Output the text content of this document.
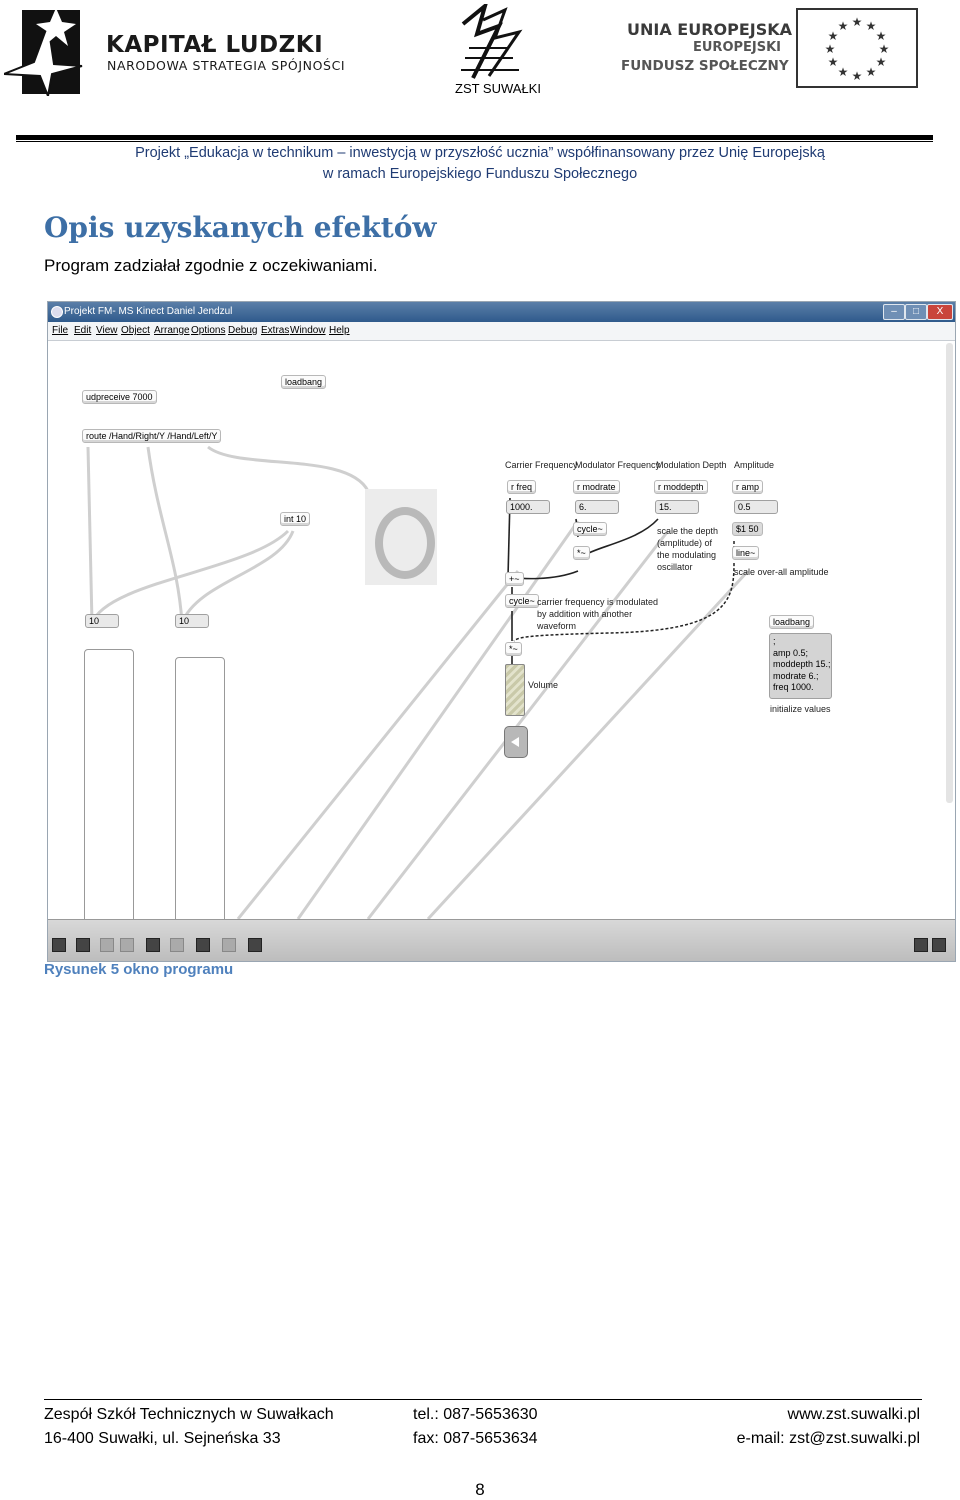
KAPITAŁ LUDZKI
NARODOWA STRATEGIA SPÓJNOŚCI
ZST SUWAŁKI
UNIA EUROPEJSKA
EUROPEJSKI
FUNDUSZ SPOŁECZNY
★ ★
★
★
★
★
★
★
★
★
★
★
Projekt „Edukacja w technikum – inwestycją w przyszłość ucznia” współfinansowany przez Unię Europejską
w ramach Europejskiego Funduszu Społecznego
Opis uzyskanych efektów
Program zadziałał zgodnie z oczekiwaniami.
Projekt FM- MS Kinect Daniel Jendzul	–	□	X
File Edit View Object Arrange Options Debug Extras Window Help
loadbang
udpreceive 7000
route /Hand/Right/Y /Hand/Left/Y
int 10
10	10
Carrier Frequency
Modulator Frequency
Modulation Depth Amplitude
r freq	r modrate	r moddepth	r amp
1000.	6.	15.	0.5
$1 50
line~
scale over-all amplitude
cycle~
*~
scale the depth (amplitude) of the modulating oscillator
+~
cycle~ carrier frequency is modulated by addition with another waveform
*~
Volume
loadbang
;
amp 0.5;
moddepth 15.;
modrate 6.;
freq 1000.
initialize values
Rysunek 5 okno programu
Zespół Szkół Technicznych w Suwałkach
16-400 Suwałki, ul. Sejneńska 33
tel.: 087-5653630
fax: 087-5653634
www.zst.suwalki.pl
e-mail: zst@zst.suwalki.pl
8
